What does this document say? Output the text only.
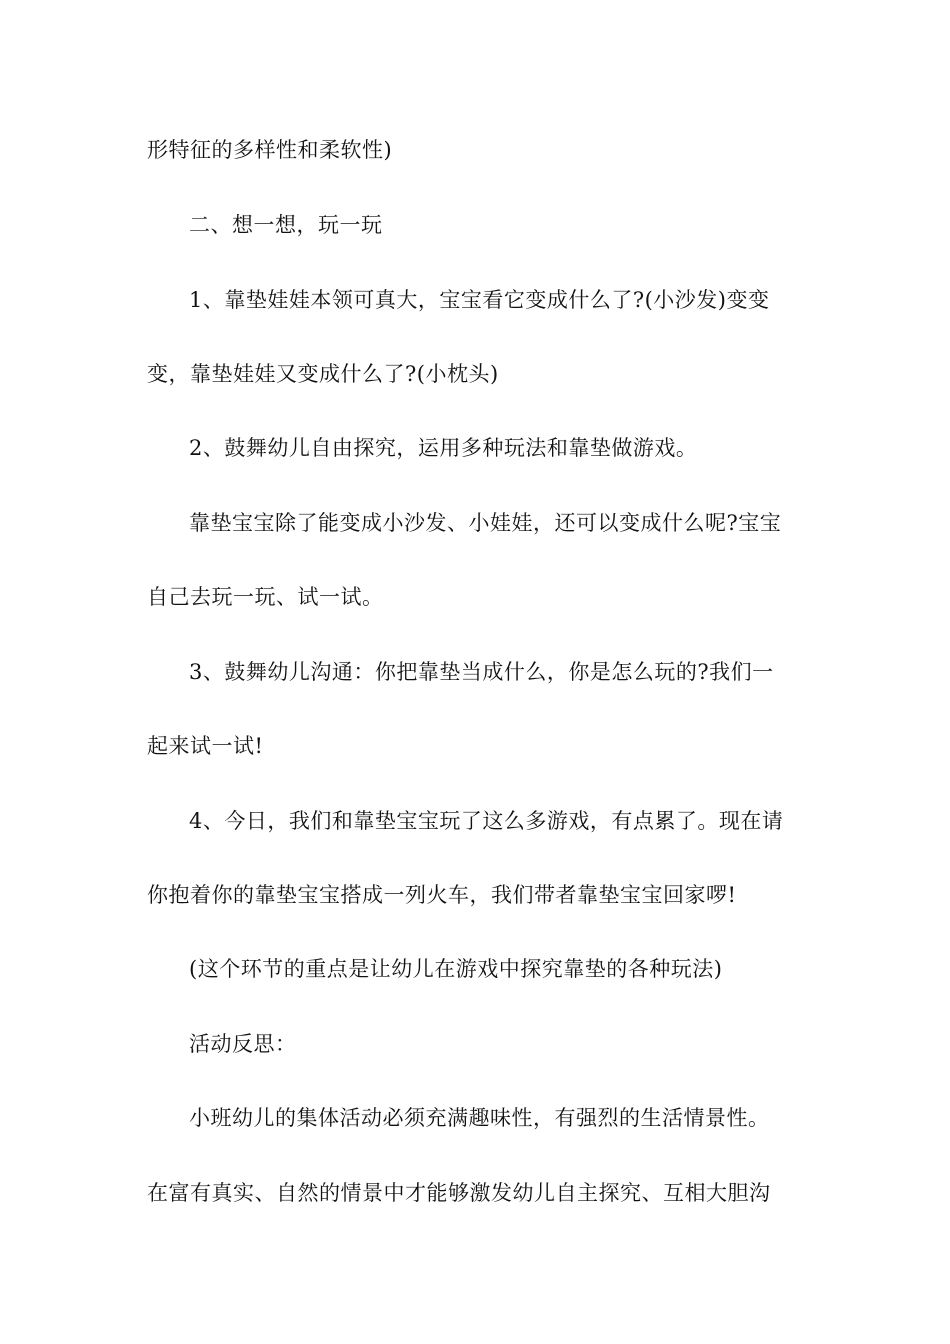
形特征的多样性和柔软性)
二、想一想，玩一玩
1、靠垫娃娃本领可真大，宝宝看它变成什么了?(小沙发)变变
变，靠垫娃娃又变成什么了?(小枕头)
2、鼓舞幼儿自由探究，运用多种玩法和靠垫做游戏。
靠垫宝宝除了能变成小沙发、小娃娃，还可以变成什么呢?宝宝
自己去玩一玩、试一试。
3、鼓舞幼儿沟通：你把靠垫当成什么，你是怎么玩的?我们一
起来试一试!
4、今日，我们和靠垫宝宝玩了这么多游戏，有点累了。现在请
你抱着你的靠垫宝宝搭成一列火车，我们带者靠垫宝宝回家啰!
(这个环节的重点是让幼儿在游戏中探究靠垫的各种玩法)
活动反思：
小班幼儿的集体活动必须充满趣味性，有强烈的生活情景性。
在富有真实、自然的情景中才能够激发幼儿自主探究、互相大胆沟
